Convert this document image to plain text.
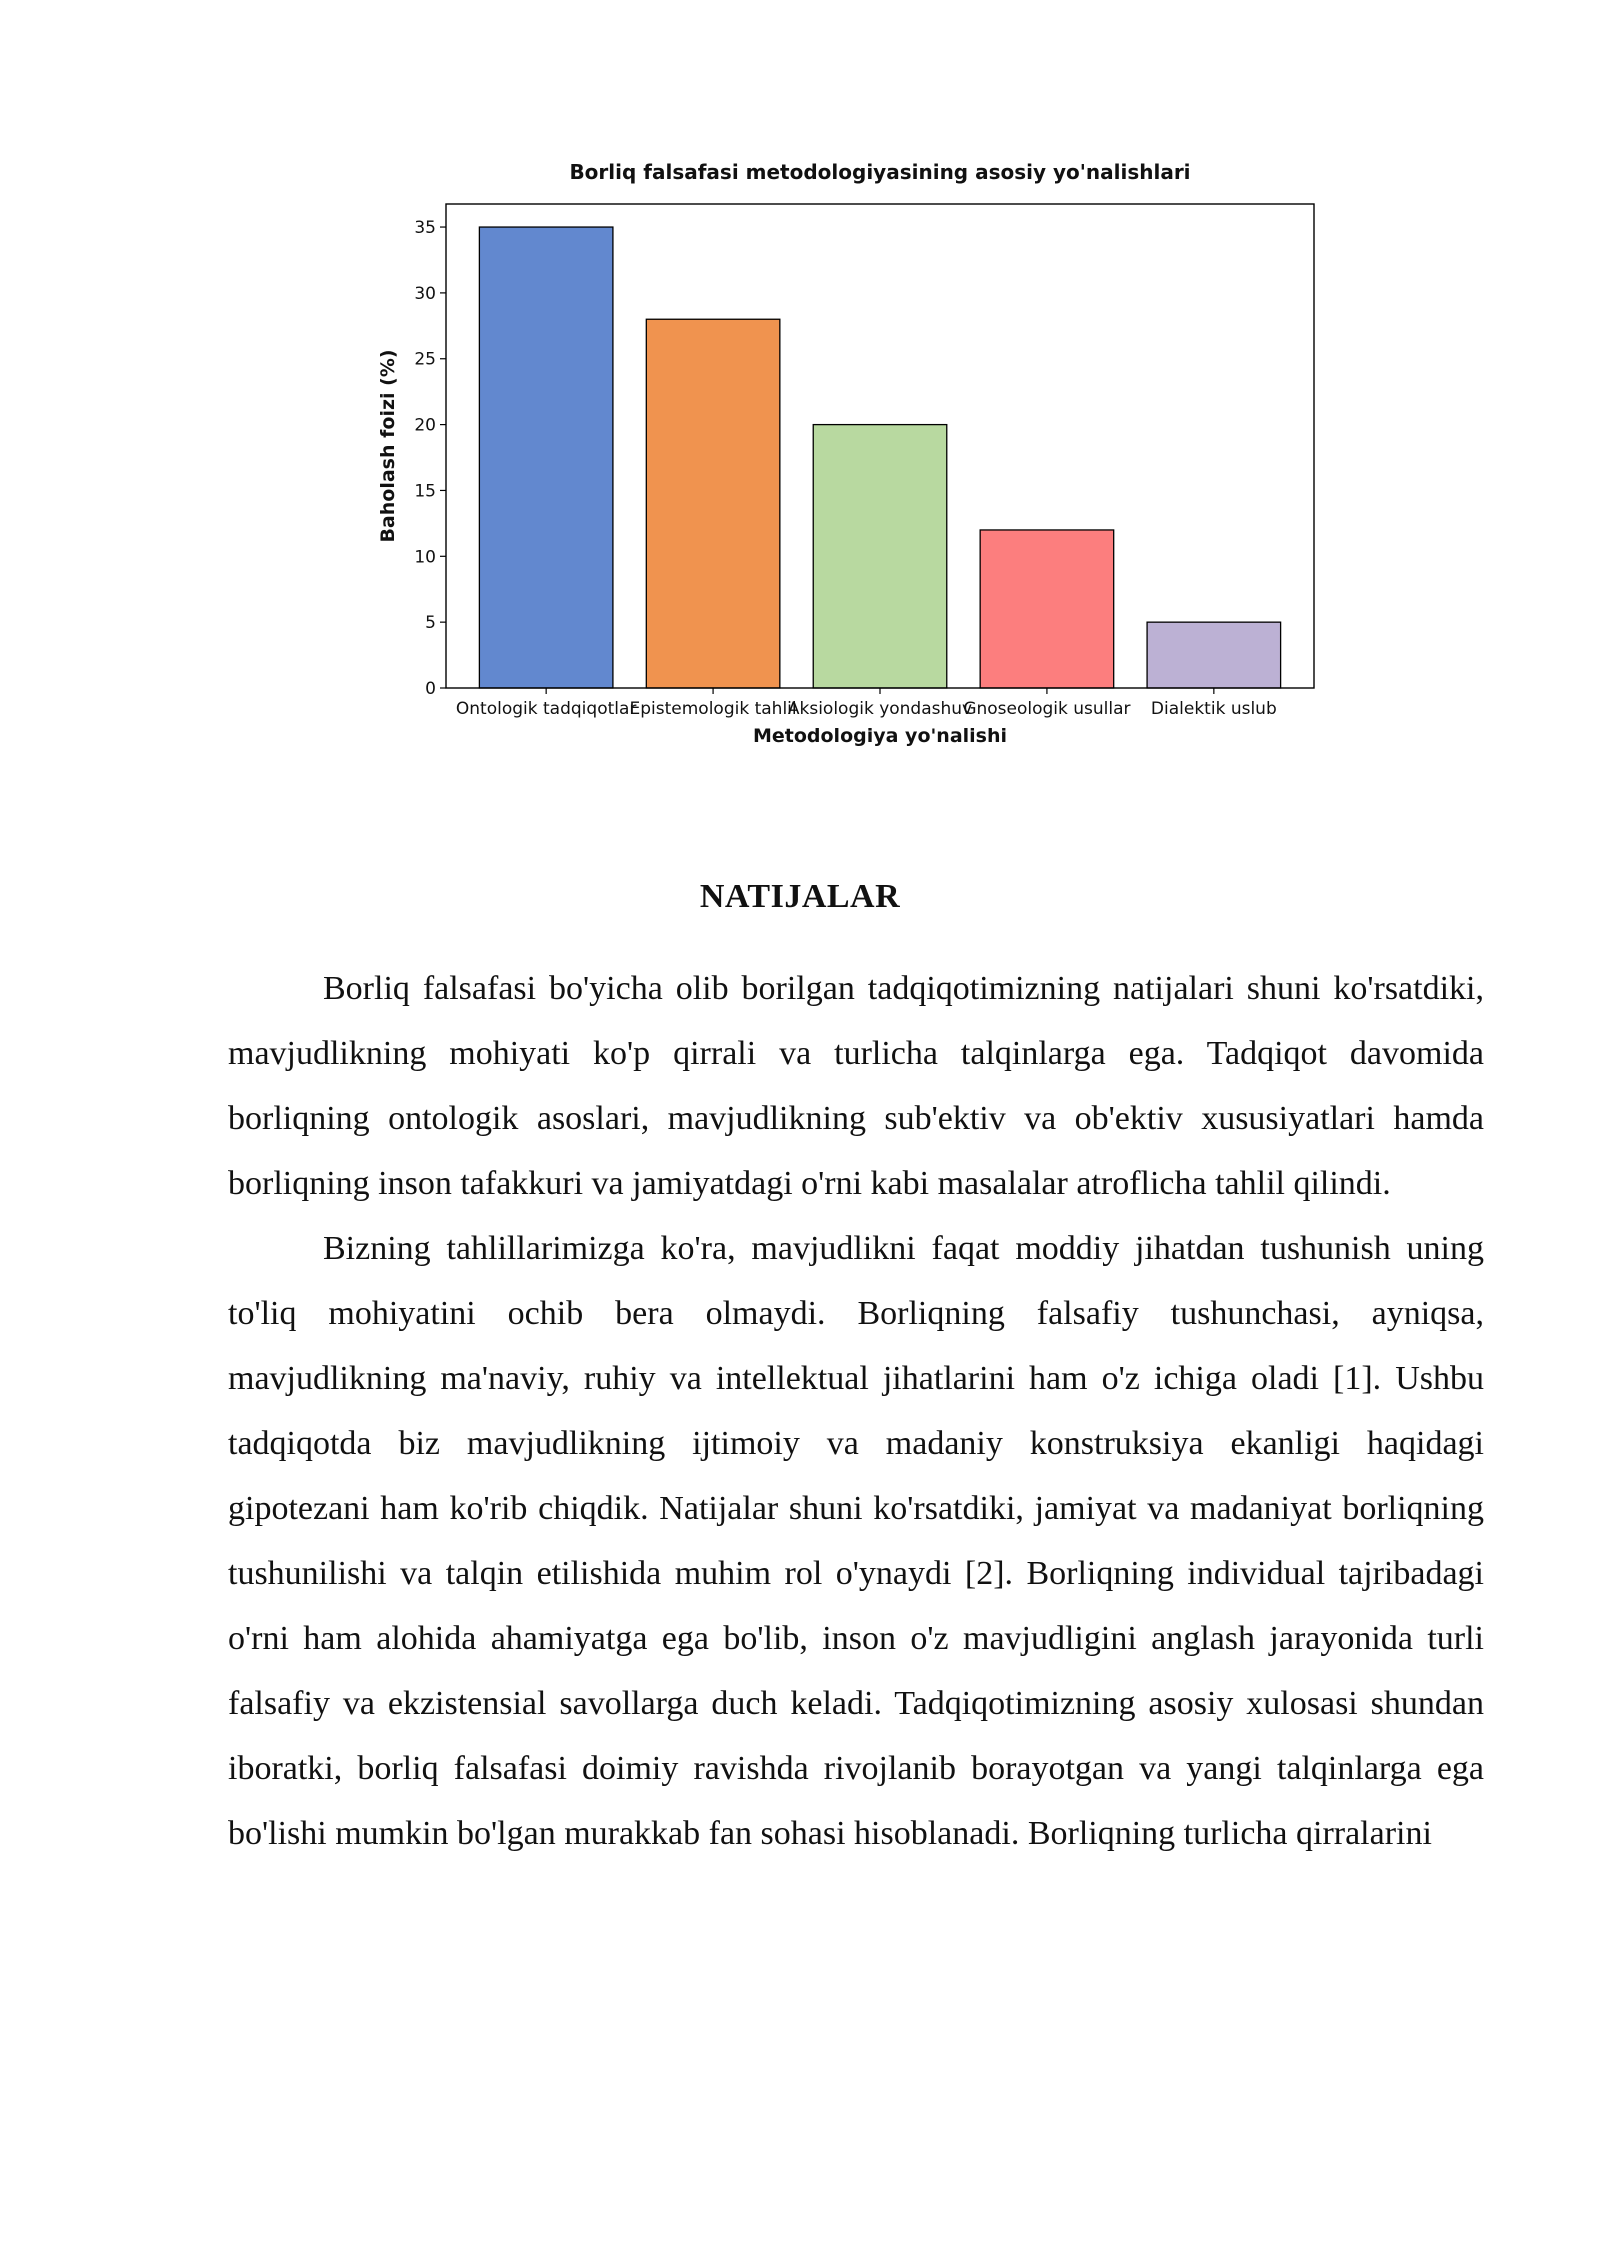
Borliq falsafasi metodologiyasining asosiy yo'nalishlari
0
5
10
15
20
25
30
35
Ontologik tadqiqotlar
Epistemologik tahlil
Aksiologik yondashuv
Gnoseologik usullar Dialektik uslub
Baholash foizi (%)
Metodologiya yo'nalishi
NATIJALAR

Borliq falsafasi bo'yicha olib borilgan tadqiqotimizning natijalari shuni ko'rsatdiki, mavjudlikning mohiyati ko'p qirrali va turlicha talqinlarga ega. Tadqiqot davomida borliqning ontologik asoslari, mavjudlikning sub'ektiv va ob'ektiv xususiyatlari hamda borliqning inson tafakkuri va jamiyatdagi o'rni kabi masalalar atroflicha tahlil qilindi.

Bizning tahlillarimizga ko'ra, mavjudlikni faqat moddiy jihatdan tushunish uning to'liq mohiyatini ochib bera olmaydi. Borliqning falsafiy tushunchasi, ayniqsa, mavjudlikning ma'naviy, ruhiy va intellektual jihatlarini ham o'z ichiga oladi [1]. Ushbu tadqiqotda biz mavjudlikning ijtimoiy va madaniy konstruksiya ekanligi haqidagi gipotezani ham ko'rib chiqdik. Natijalar shuni ko'rsatdiki, jamiyat va madaniyat borliqning tushunilishi va talqin etilishida muhim rol o'ynaydi [2]. Borliqning individual tajribadagi o'rni ham alohida ahamiyatga ega bo'lib, inson o'z mavjudligini anglash jarayonida turli falsafiy va ekzistensial savollarga duch keladi. Tadqiqotimizning asosiy xulosasi shundan iboratki, borliq falsafasi doimiy ravishda rivojlanib borayotgan va yangi talqinlarga ega bo'lishi mumkin bo'lgan murakkab fan sohasi hisoblanadi. Borliqning turlicha qirralarini
